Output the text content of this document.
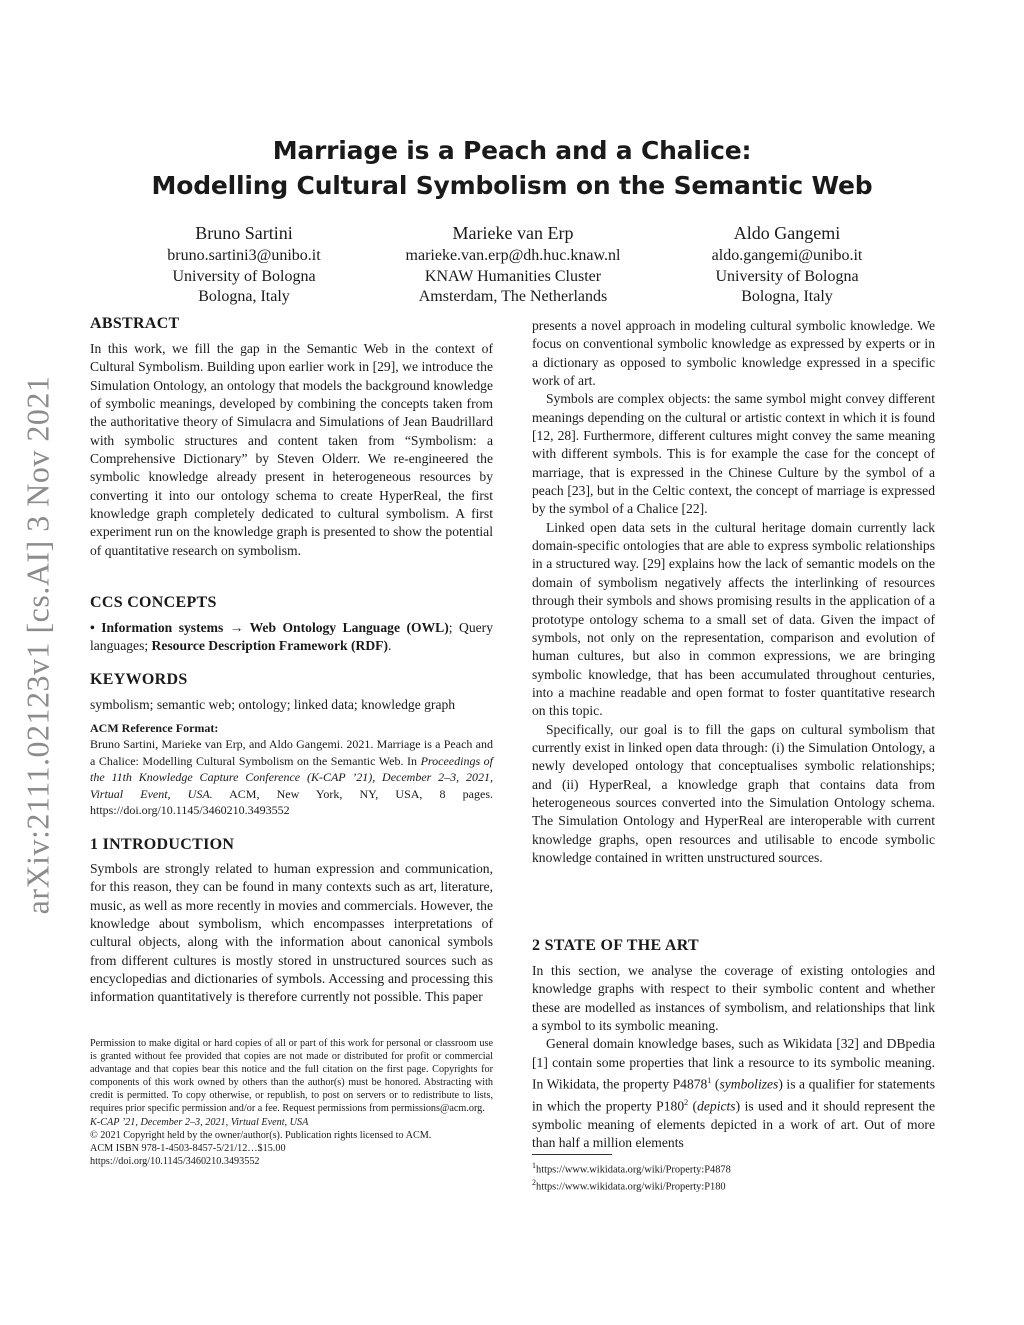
arXiv:2111.02123v1 [cs.AI] 3 Nov 2021
Marriage is a Peach and a Chalice:
Modelling Cultural Symbolism on the Semantic Web
Bruno Sartini
bruno.sartini3@unibo.it
University of Bologna
Bologna, Italy
Marieke van Erp
marieke.van.erp@dh.huc.knaw.nl
KNAW Humanities Cluster
Amsterdam, The Netherlands
Aldo Gangemi
aldo.gangemi@unibo.it
University of Bologna
Bologna, Italy
ABSTRACT

In this work, we fill the gap in the Semantic Web in the context of Cultural Symbolism. Building upon earlier work in [29], we introduce the Simulation Ontology, an ontology that models the background knowledge of symbolic meanings, developed by combining the concepts taken from the authoritative theory of Simulacra and Simulations of Jean Baudrillard with symbolic structures and content taken from “Symbolism: a Comprehensive Dictionary” by Steven Olderr. We re-engineered the symbolic knowledge already present in heterogeneous resources by converting it into our ontology schema to create HyperReal, the first knowledge graph completely dedicated to cultural symbolism. A first experiment run on the knowledge graph is presented to show the potential of quantitative research on symbolism.

CCS CONCEPTS

• Information systems → Web Ontology Language (OWL); Query languages; Resource Description Framework (RDF).

KEYWORDS

symbolism; semantic web; ontology; linked data; knowledge graph

ACM Reference Format:

Bruno Sartini, Marieke van Erp, and Aldo Gangemi. 2021. Marriage is a Peach and a Chalice: Modelling Cultural Symbolism on the Semantic Web. In Proceedings of the 11th Knowledge Capture Conference (K-CAP ’21), December 2–3, 2021, Virtual Event, USA. ACM, New York, NY, USA, 8 pages. https://doi.org/10.1145/3460210.3493552

1 INTRODUCTION

Symbols are strongly related to human expression and communication, for this reason, they can be found in many contexts such as art, literature, music, as well as more recently in movies and commercials. However, the knowledge about symbolism, which encompasses interpretations of cultural objects, along with the information about canonical symbols from different cultures is mostly stored in unstructured sources such as encyclopedias and dictionaries of symbols. Accessing and processing this information quantitatively is therefore currently not possible. This paper

Permission to make digital or hard copies of all or part of this work for personal or classroom use is granted without fee provided that copies are not made or distributed for profit or commercial advantage and that copies bear this notice and the full citation on the first page. Copyrights for components of this work owned by others than the author(s) must be honored. Abstracting with credit is permitted. To copy otherwise, or republish, to post on servers or to redistribute to lists, requires prior specific permission and/or a fee. Request permissions from permissions@acm.org.

K-CAP ’21, December 2–3, 2021, Virtual Event, USA
© 2021 Copyright held by the owner/author(s). Publication rights licensed to ACM.
ACM ISBN 978-1-4503-8457-5/21/12…$15.00
https://doi.org/10.1145/3460210.3493552

presents a novel approach in modeling cultural symbolic knowledge. We focus on conventional symbolic knowledge as expressed by experts or in a dictionary as opposed to symbolic knowledge expressed in a specific work of art.

Symbols are complex objects: the same symbol might convey different meanings depending on the cultural or artistic context in which it is found [12, 28]. Furthermore, different cultures might convey the same meaning with different symbols. This is for example the case for the concept of marriage, that is expressed in the Chinese Culture by the symbol of a peach [23], but in the Celtic context, the concept of marriage is expressed by the symbol of a Chalice [22].

Linked open data sets in the cultural heritage domain currently lack domain-specific ontologies that are able to express symbolic relationships in a structured way. [29] explains how the lack of semantic models on the domain of symbolism negatively affects the interlinking of resources through their symbols and shows promising results in the application of a prototype ontology schema to a small set of data. Given the impact of symbols, not only on the representation, comparison and evolution of human cultures, but also in common expressions, we are bringing symbolic knowledge, that has been accumulated throughout centuries, into a machine readable and open format to foster quantitative research on this topic.

Specifically, our goal is to fill the gaps on cultural symbolism that currently exist in linked open data through: (i) the Simulation Ontology, a newly developed ontology that conceptualises symbolic relationships; and (ii) HyperReal, a knowledge graph that contains data from heterogeneous sources converted into the Simulation Ontology schema. The Simulation Ontology and HyperReal are interoperable with current knowledge graphs, open resources and utilisable to encode symbolic knowledge contained in written unstructured sources.

2 STATE OF THE ART

In this section, we analyse the coverage of existing ontologies and knowledge graphs with respect to their symbolic content and whether these are modelled as instances of symbolism, and relationships that link a symbol to its symbolic meaning.

General domain knowledge bases, such as Wikidata [32] and DBpedia [1] contain some properties that link a resource to its symbolic meaning. In Wikidata, the property P4878$^1$ (symbolizes) is a qualifier for statements in which the property $P180^2$ (depicts) is used and it should represent the symbolic meaning of elements depicted in a work of art. Out of more than half a million elements

$^1$https://www.wikidata.org/wiki/Property:P4878
$^2$https://www.wikidata.org/wiki/Property:P180
